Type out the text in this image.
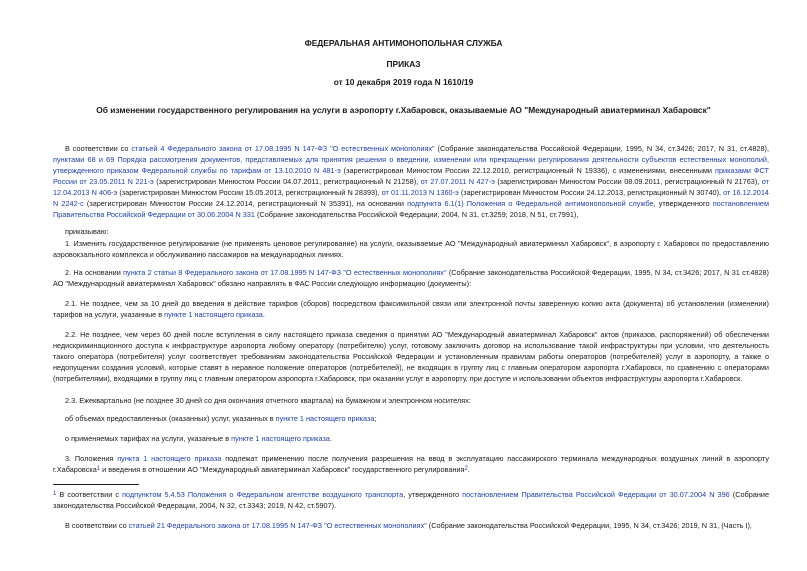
ФЕДЕРАЛЬНАЯ АНТИМОНОПОЛЬНАЯ СЛУЖБА
ПРИКАЗ
от 10 декабря 2019 года N 1610/19
Об изменении государственного регулирования на услуги в аэропорту г.Хабаровск, оказываемые АО "Международный авиатерминал Хабаровск"

В соответствии со статьей 4 Федерального закона от 17.08.1995 N 147-ФЗ "О естественных монополиях" (Собрание законодательства Российской Федерации, 1995, N 34, ст.3426; 2017, N 31, ст.4828), пунктами 68 и 69 Порядка рассмотрения документов, представляемых для принятия решения о введении, изменении или прекращении регулирования деятельности субъектов естественных монополий, утвержденного приказом Федеральной службы по тарифам от 13.10.2010 N 481-э (зарегистрирован Минюстом России 22.12.2010, регистрационный N 19336), с изменениями, внесенными приказами ФСТ России от 23.05.2011 N 221-э (зарегистрирован Минюстом России 04.07.2011, регистрационный N 21258), от 27.07.2011 N 427-э (зарегистрирован Минюстом России 08.09.2011, регистрационный N 21763), от 12.04.2013 N 406-э (зарегистрирован Минюстом России 15.05.2013, регистрационный N 28393), от 01.11.2013 N 1360-э (зарегистрирован Минюстом России 24.12.2013, регистрационный N 30740), от 16.12.2014 N 2242-с (зарегистрирован Минюстом России 24.12.2014, регистрационный N 35391), на основании подпункта 6.1(1) Положения о Федеральной антимонопольной службе, утвержденного постановлением Правительства Российской Федерации от 30.06.2004 N 331 (Собрание законодательства Российской Федерации, 2004, N 31, ст.3259; 2018, N 51, ст.7991),

приказываю:

1. Изменить государственное регулирование (не применять ценовое регулирование) на услуги, оказываемые АО "Международный авиатерминал Хабаровск", в аэропорту г. Хабаровск по предоставлению аэровокзального комплекса и обслуживанию пассажиров на международных линиях.

2. На основании пункта 2 статьи 8 Федерального закона от 17.08.1995 N 147-ФЗ "О естественных монополиях" (Собрание законодательства Российской Федерации, 1995, N 34, ст.3426; 2017, N 31 ст.4828) АО "Международный авиатерминал Хабаровск" обязано направлять в ФАС России следующую информацию (документы):

2.1. Не позднее, чем за 10 дней до введения в действие тарифов (сборов) посредством факсимильной связи или электронной почты заверенную копию акта (документа) об установлении (изменении) тарифов на услуги, указанные в пункте 1 настоящего приказа.

2.2. Не позднее, чем через 60 дней после вступления в силу настоящего приказа сведения о принятии АО "Международный авиатерминал Хабаровск" актов (приказов, распоряжений) об обеспечении недискриминационного доступа к инфраструктуре аэропорта любому оператору (потребителю) услуг, готовому заключить договор на использование такой инфраструктуры при условии, что деятельность такого оператора (потребителя) услуг соответствует требованиям законодательства Российской Федерации и установленным правилам работы операторов (потребителей) услуг в аэропорту, а также о недопущении создания условий, которые ставят в неравное положение операторов (потребителей), не входящих в группу лиц с главным оператором аэропорта г.Хабаровск, по сравнению с операторами (потребителями), входящими в группу лиц с главным оператором аэропорта г.Хабаровск, при оказании услуг в аэропорту, при доступе и использовании объектов инфраструктуры аэропорта г.Хабаровск.

2.3. Ежеквартально (не позднее 30 дней со дня окончания отчетного квартала) на бумажном и электронном носителях:

об объемах предоставленных (оказанных) услуг, указанных в пункте 1 настоящего приказа;

о применяемых тарифах на услуги, указанные в пункте 1 настоящего приказа.

3. Положения пункта 1 настоящего приказа подлежат применению после получения разрешения на ввод в эксплуатацию пассажирского терминала международных воздушных линий в аэропорту г.Хабаровска$^1$ и введения в отношении АО "Международный авиатерминал Хабаровск" государственного регулирования$^2$.

$^1$ В соответствии с подпунктом 5.4.53 Положения о Федеральном агентстве воздушного транспорта, утвержденного постановлением Правительства Российской Федерации от 30.07.2004 N 396 (Собрание законодательства Российской Федерации, 2004, N 32, ст.3343; 2019, N 42, ст.5907).

В соответствии со статьей 21 Федерального закона от 17.08.1995 N 147-ФЗ "О естественных монополиях" (Собрание законодательства Российской Федерации, 1995, N 34, ст.3426; 2019, N 31, (Часть I),
